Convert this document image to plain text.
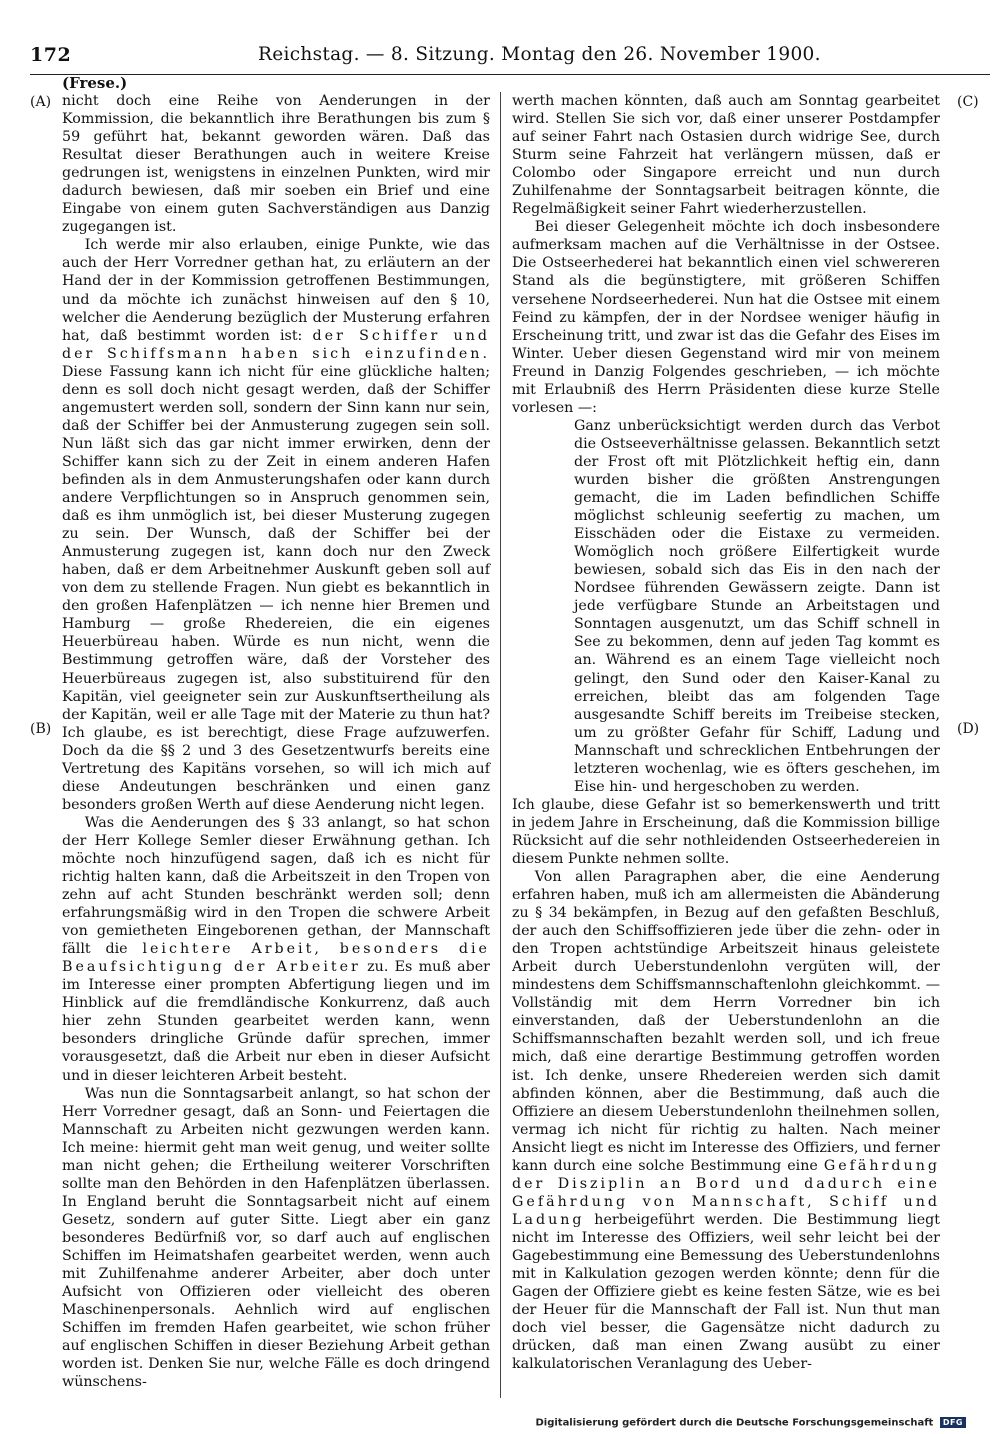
172	Reichstag. — 8. Sitzung. Montag den 26. November 1900.
(Frese.)
(A)
(B)
(C)
(D)

nicht doch eine Reihe von Aenderungen in der Kommission, die bekanntlich ihre Berathungen bis zum § 59 geführt hat, bekannt geworden wären. Daß das Resultat dieser Berathungen auch in weitere Kreise gedrungen ist, wenigstens in einzelnen Punkten, wird mir dadurch bewiesen, daß mir soeben ein Brief und eine Eingabe von einem guten Sachverständigen aus Danzig zugegangen ist.

Ich werde mir also erlauben, einige Punkte, wie das auch der Herr Vorredner gethan hat, zu erläutern an der Hand der in der Kommission getroffenen Bestimmungen, und da möchte ich zunächst hinweisen auf den § 10, welcher die Aenderung bezüglich der Musterung erfahren hat, daß bestimmt worden ist: der Schiffer und der Schiffsmann haben sich einzufinden. Diese Fassung kann ich nicht für eine glückliche halten; denn es soll doch nicht gesagt werden, daß der Schiffer angemustert werden soll, sondern der Sinn kann nur sein, daß der Schiffer bei der Anmusterung zugegen sein soll. Nun läßt sich das gar nicht immer erwirken, denn der Schiffer kann sich zu der Zeit in einem anderen Hafen befinden als in dem Anmusterungshafen oder kann durch andere Verpflichtungen so in Anspruch genommen sein, daß es ihm unmöglich ist, bei dieser Musterung zugegen zu sein. Der Wunsch, daß der Schiffer bei der Anmusterung zugegen ist, kann doch nur den Zweck haben, daß er dem Arbeitnehmer Auskunft geben soll auf von dem zu stellende Fragen. Nun giebt es bekanntlich in den großen Hafenplätzen — ich nenne hier Bremen und Hamburg — große Rhedereien, die ein eigenes Heuerbüreau haben. Würde es nun nicht, wenn die Bestimmung getroffen wäre, daß der Vorsteher des Heuerbüreaus zugegen ist, also substituirend für den Kapitän, viel geeigneter sein zur Auskunftsertheilung als der Kapitän, weil er alle Tage mit der Materie zu thun hat? Ich glaube, es ist berechtigt, diese Frage aufzuwerfen. Doch da die §§ 2 und 3 des Gesetzentwurfs bereits eine Vertretung des Kapitäns vorsehen, so will ich mich auf diese Andeutungen beschränken und einen ganz besonders großen Werth auf diese Aenderung nicht legen.

Was die Aenderungen des § 33 anlangt, so hat schon der Herr Kollege Semler dieser Erwähnung gethan. Ich möchte noch hinzufügend sagen, daß ich es nicht für richtig halten kann, daß die Arbeitszeit in den Tropen von zehn auf acht Stunden beschränkt werden soll; denn erfahrungsmäßig wird in den Tropen die schwere Arbeit von gemietheten Eingeborenen gethan, der Mannschaft fällt die leichtere Arbeit, besonders die Beaufsichtigung der Arbeiter zu. Es muß aber im Interesse einer prompten Abfertigung liegen und im Hinblick auf die fremdländische Konkurrenz, daß auch hier zehn Stunden gearbeitet werden kann, wenn besonders dringliche Gründe dafür sprechen, immer vorausgesetzt, daß die Arbeit nur eben in dieser Aufsicht und in dieser leichteren Arbeit besteht.

Was nun die Sonntagsarbeit anlangt, so hat schon der Herr Vorredner gesagt, daß an Sonn- und Feiertagen die Mannschaft zu Arbeiten nicht gezwungen werden kann. Ich meine: hiermit geht man weit genug, und weiter sollte man nicht gehen; die Ertheilung weiterer Vorschriften sollte man den Behörden in den Hafenplätzen überlassen. In England beruht die Sonntagsarbeit nicht auf einem Gesetz, sondern auf guter Sitte. Liegt aber ein ganz besonderes Bedürfniß vor, so darf auch auf englischen Schiffen im Heimatshafen gearbeitet werden, wenn auch mit Zuhilfenahme anderer Arbeiter, aber doch unter Aufsicht von Offizieren oder vielleicht des oberen Maschinenpersonals. Aehnlich wird auf englischen Schiffen im fremden Hafen gearbeitet, wie schon früher auf englischen Schiffen in dieser Beziehung Arbeit gethan worden ist. Denken Sie nur, welche Fälle es doch dringend wünschens-

werth machen könnten, daß auch am Sonntag gearbeitet wird. Stellen Sie sich vor, daß einer unserer Postdampfer auf seiner Fahrt nach Ostasien durch widrige See, durch Sturm seine Fahrzeit hat verlängern müssen, daß er Colombo oder Singapore erreicht und nun durch Zuhilfenahme der Sonntagsarbeit beitragen könnte, die Regelmäßigkeit seiner Fahrt wiederherzustellen.

Bei dieser Gelegenheit möchte ich doch insbesondere aufmerksam machen auf die Verhältnisse in der Ostsee. Die Ostseerhederei hat bekanntlich einen viel schwereren Stand als die begünstigtere, mit größeren Schiffen versehene Nordseerhederei. Nun hat die Ostsee mit einem Feind zu kämpfen, der in der Nordsee weniger häufig in Erscheinung tritt, und zwar ist das die Gefahr des Eises im Winter. Ueber diesen Gegenstand wird mir von meinem Freund in Danzig Folgendes geschrieben, — ich möchte mit Erlaubniß des Herrn Präsidenten diese kurze Stelle vorlesen —:

Ganz unberücksichtigt werden durch das Verbot die Ostseeverhältnisse gelassen. Bekanntlich setzt der Frost oft mit Plötzlichkeit heftig ein, dann wurden bisher die größten Anstrengungen gemacht, die im Laden befindlichen Schiffe möglichst schleunig seefertig zu machen, um Eisschäden oder die Eistaxe zu vermeiden. Womöglich noch größere Eilfertigkeit wurde bewiesen, sobald sich das Eis in den nach der Nordsee führenden Gewässern zeigte. Dann ist jede verfügbare Stunde an Arbeitstagen und Sonntagen ausgenutzt, um das Schiff schnell in See zu bekommen, denn auf jeden Tag kommt es an. Während es an einem Tage vielleicht noch gelingt, den Sund oder den Kaiser-Kanal zu erreichen, bleibt das am folgenden Tage ausgesandte Schiff bereits im Treibeise stecken, um zu größter Gefahr für Schiff, Ladung und Mannschaft und schrecklichen Entbehrungen der letzteren wochenlag, wie es öfters geschehen, im Eise hin- und hergeschoben zu werden.

Ich glaube, diese Gefahr ist so bemerkenswerth und tritt in jedem Jahre in Erscheinung, daß die Kommission billige Rücksicht auf die sehr nothleidenden Ostseerhedereien in diesem Punkte nehmen sollte.

Von allen Paragraphen aber, die eine Aenderung erfahren haben, muß ich am allermeisten die Abänderung zu § 34 bekämpfen, in Bezug auf den gefaßten Beschluß, der auch den Schiffsoffizieren jede über die zehn- oder in den Tropen achtstündige Arbeitszeit hinaus geleistete Arbeit durch Ueberstundenlohn vergüten will, der mindestens dem Schiffsmannschaftenlohn gleichkommt. — Vollständig mit dem Herrn Vorredner bin ich einverstanden, daß der Ueberstundenlohn an die Schiffsmannschaften bezahlt werden soll, und ich freue mich, daß eine derartige Bestimmung getroffen worden ist. Ich denke, unsere Rhedereien werden sich damit abfinden können, aber die Bestimmung, daß auch die Offiziere an diesem Ueberstundenlohn theilnehmen sollen, vermag ich nicht für richtig zu halten. Nach meiner Ansicht liegt es nicht im Interesse des Offiziers, und ferner kann durch eine solche Bestimmung eine Gefährdung der Disziplin an Bord und dadurch eine Gefährdung von Mannschaft, Schiff und Ladung herbeigeführt werden. Die Bestimmung liegt nicht im Interesse des Offiziers, weil sehr leicht bei der Gagebestimmung eine Bemessung des Ueberstundenlohns mit in Kalkulation gezogen werden könnte; denn für die Gagen der Offiziere giebt es keine festen Sätze, wie es bei der Heuer für die Mannschaft der Fall ist. Nun thut man doch viel besser, die Gagensätze nicht dadurch zu drücken, daß man einen Zwang ausübt zu einer kalkulatorischen Veranlagung des Ueber-

Digitalisierung gefördert durch die Deutsche Forschungsgemeinschaft DFG
